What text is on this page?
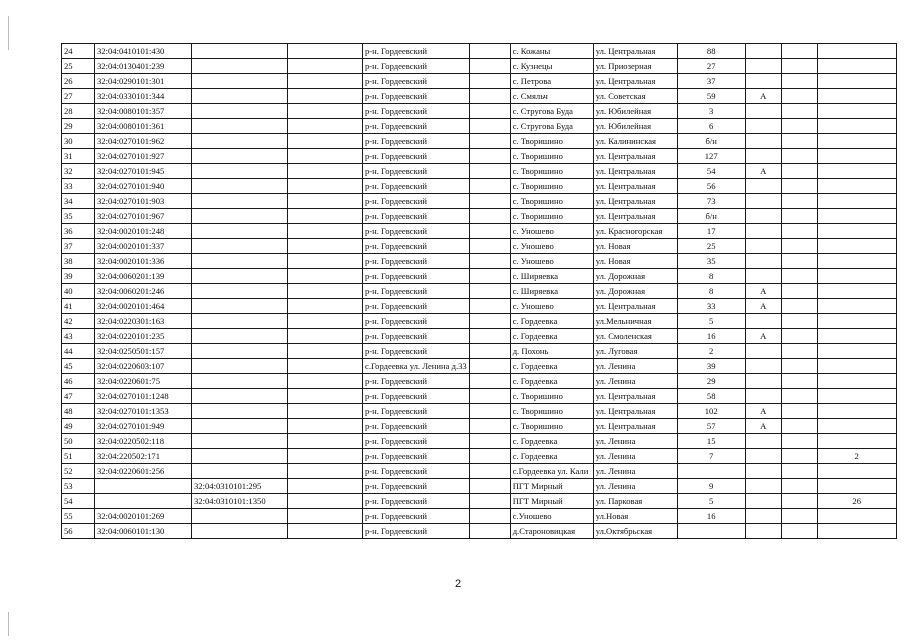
24	32:04:0410101:430			р-н. Гордеевский		с. Кожаны	ул. Центральная	88			
25	32:04:0130401:239			р-н. Гордеевский		с. Кузнецы	ул. Приозерная	27			
26	32:04:0290101:301			р-н. Гордеевский		с. Петрова	ул. Центральная	37			
27	32:04:0330101:344			р-н. Гордеевский		с. Смяльч	ул. Советская	59	А		
28	32:04:0080101:357			р-н. Гордеевский		с. Стругова Буда	ул. Юбилейная	3			
29	32:04:0080101:361			р-н. Гордеевский		с. Стругова Буда	ул. Юбилейная	6			
30	32:04:0270101:962			р-н. Гордеевский		с. Творишино	ул. Калининская	б/н			
31	32:04:0270101:927			р-н. Гордеевский		с. Творишино	ул. Центральная	127			
32	32:04:0270101:945			р-н. Гордеевский		с. Творишино	ул. Центральная	54	А		
33	32:04:0270101:940			р-н. Гордеевский		с. Творишино	ул. Центральная	56			
34	32:04:0270101:903			р-н. Гордеевский		с. Творишино	ул. Центральная	73			
35	32:04:0270101:967			р-н. Гордеевский		с. Творишино	ул. Центральная	б/н			
36	32:04:0020101:248			р-н. Гордеевский		с. Уношево	ул. Красногорская	17			
37	32:04:0020101:337			р-н. Гордеевский		с. Уношево	ул. Новая	25			
38	32:04:0020101:336			р-н. Гордеевский		с. Уношево	ул. Новая	35			
39	32:04:0060201:139			р-н. Гордеевский		с. Ширяевка	ул. Дорожная	8			
40	32:04:0060201:246			р-н. Гордеевский		с. Ширяевка	ул. Дорожная	8	А		
41	32:04:0020101:464			р-н. Гордеевский		с. Уношево	ул. Центральная	33	А		
42	32:04:0220301:163			р-н. Гордеевский		с. Гордеевка	ул.Мельничная	5			
43	32:04:0220101:235			р-н. Гордеевский		с. Гордеевка	ул. Смоленская	16	А		
44	32:04:0250501:157			р-н. Гордеевский		д. Похонь	ул. Луговая	2			
45	32:04:0220603:107			с.Гордеевка ул. Ленина д.33		с. Гордеевка	ул. Ленина	39			
46	32:04:0220601:75			р-н. Гордеевский		с. Гордеевка	ул. Ленина	29			
47	32:04:0270101:1248			р-н. Гордеевский		с. Творишино	ул. Центральная	58			
48	32:04:0270101:1353			р-н. Гордеевский		с. Творишино	ул. Центральная	102	А		
49	32:04:0270101:949			р-н. Гордеевский		с. Творишино	ул. Центральная	57	А		
50	32:04:0220502:118			р-н. Гордеевский		с. Гордеевка	ул. Ленина	15			
51	32:04:220502:171			р-н. Гордеевский		с. Гордеевка	ул. Ленина	7			2
52	32:04:0220601:256			р-н. Гордеевский		с.Гордеевка ул. Кали	ул. Ленина				
53		32:04:0310101:295		р-н. Гордеевский		ПГТ Мирный	ул. Ленина	9			
54		32:04:0310101:1350		р-н. Гордеевский		ПГТ Мирный	ул. Парковая	5			26
55	32:04:0020101:269			р-н. Гордеевский		с.Уношево	ул.Новая	16			
56	32:04:0060101:130			р-н. Гордеевский		д.Староновицкая	ул.Октябрьская				
2
